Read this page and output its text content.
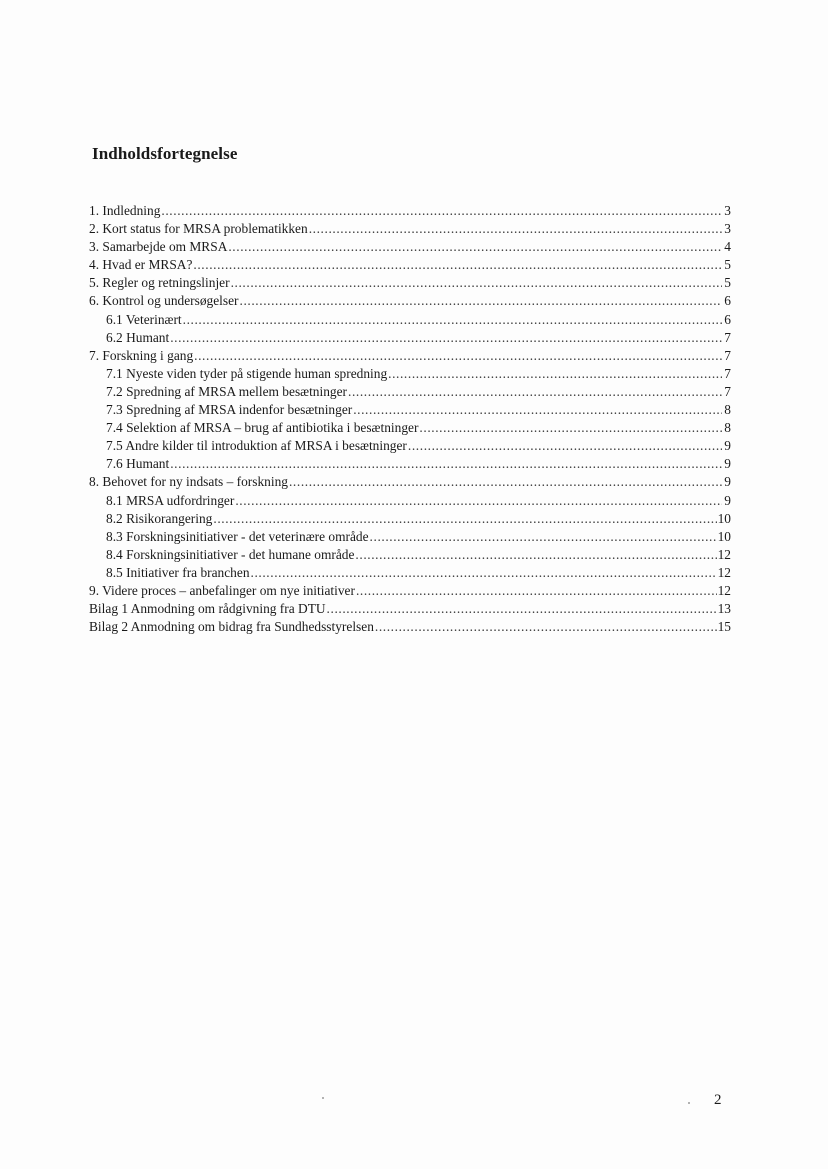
Indholdsfortegnelse
1. Indledning .....	3
2. Kort status for MRSA problematikken .....	3
3. Samarbejde om MRSA .....	4
4. Hvad er MRSA? .....	5
5. Regler og retningslinjer .....	5
6. Kontrol og undersøgelser .....	6
6.1 Veterinært .....	6
6.2 Humant .....	7
7. Forskning i gang .....	7
7.1 Nyeste viden tyder på stigende human spredning .....	7
7.2 Spredning af MRSA mellem besætninger .....	7
7.3 Spredning af MRSA indenfor besætninger .....	8
7.4 Selektion af MRSA – brug af antibiotika i besætninger .....	8
7.5 Andre kilder til introduktion af MRSA i besætninger .....	9
7.6 Humant .....	9
8. Behovet for ny indsats – forskning .....	9
8.1 MRSA udfordringer .....	9
8.2 Risikorangering .....	10
8.3 Forskningsinitiativer - det veterinære område .....	10
8.4 Forskningsinitiativer - det humane område .....	12
8.5 Initiativer fra branchen .....	12
9. Videre proces – anbefalinger om nye initiativer .....	12
Bilag 1 Anmodning om rådgivning fra DTU .....	13
Bilag 2 Anmodning om bidrag fra Sundhedsstyrelsen .....	15
2
